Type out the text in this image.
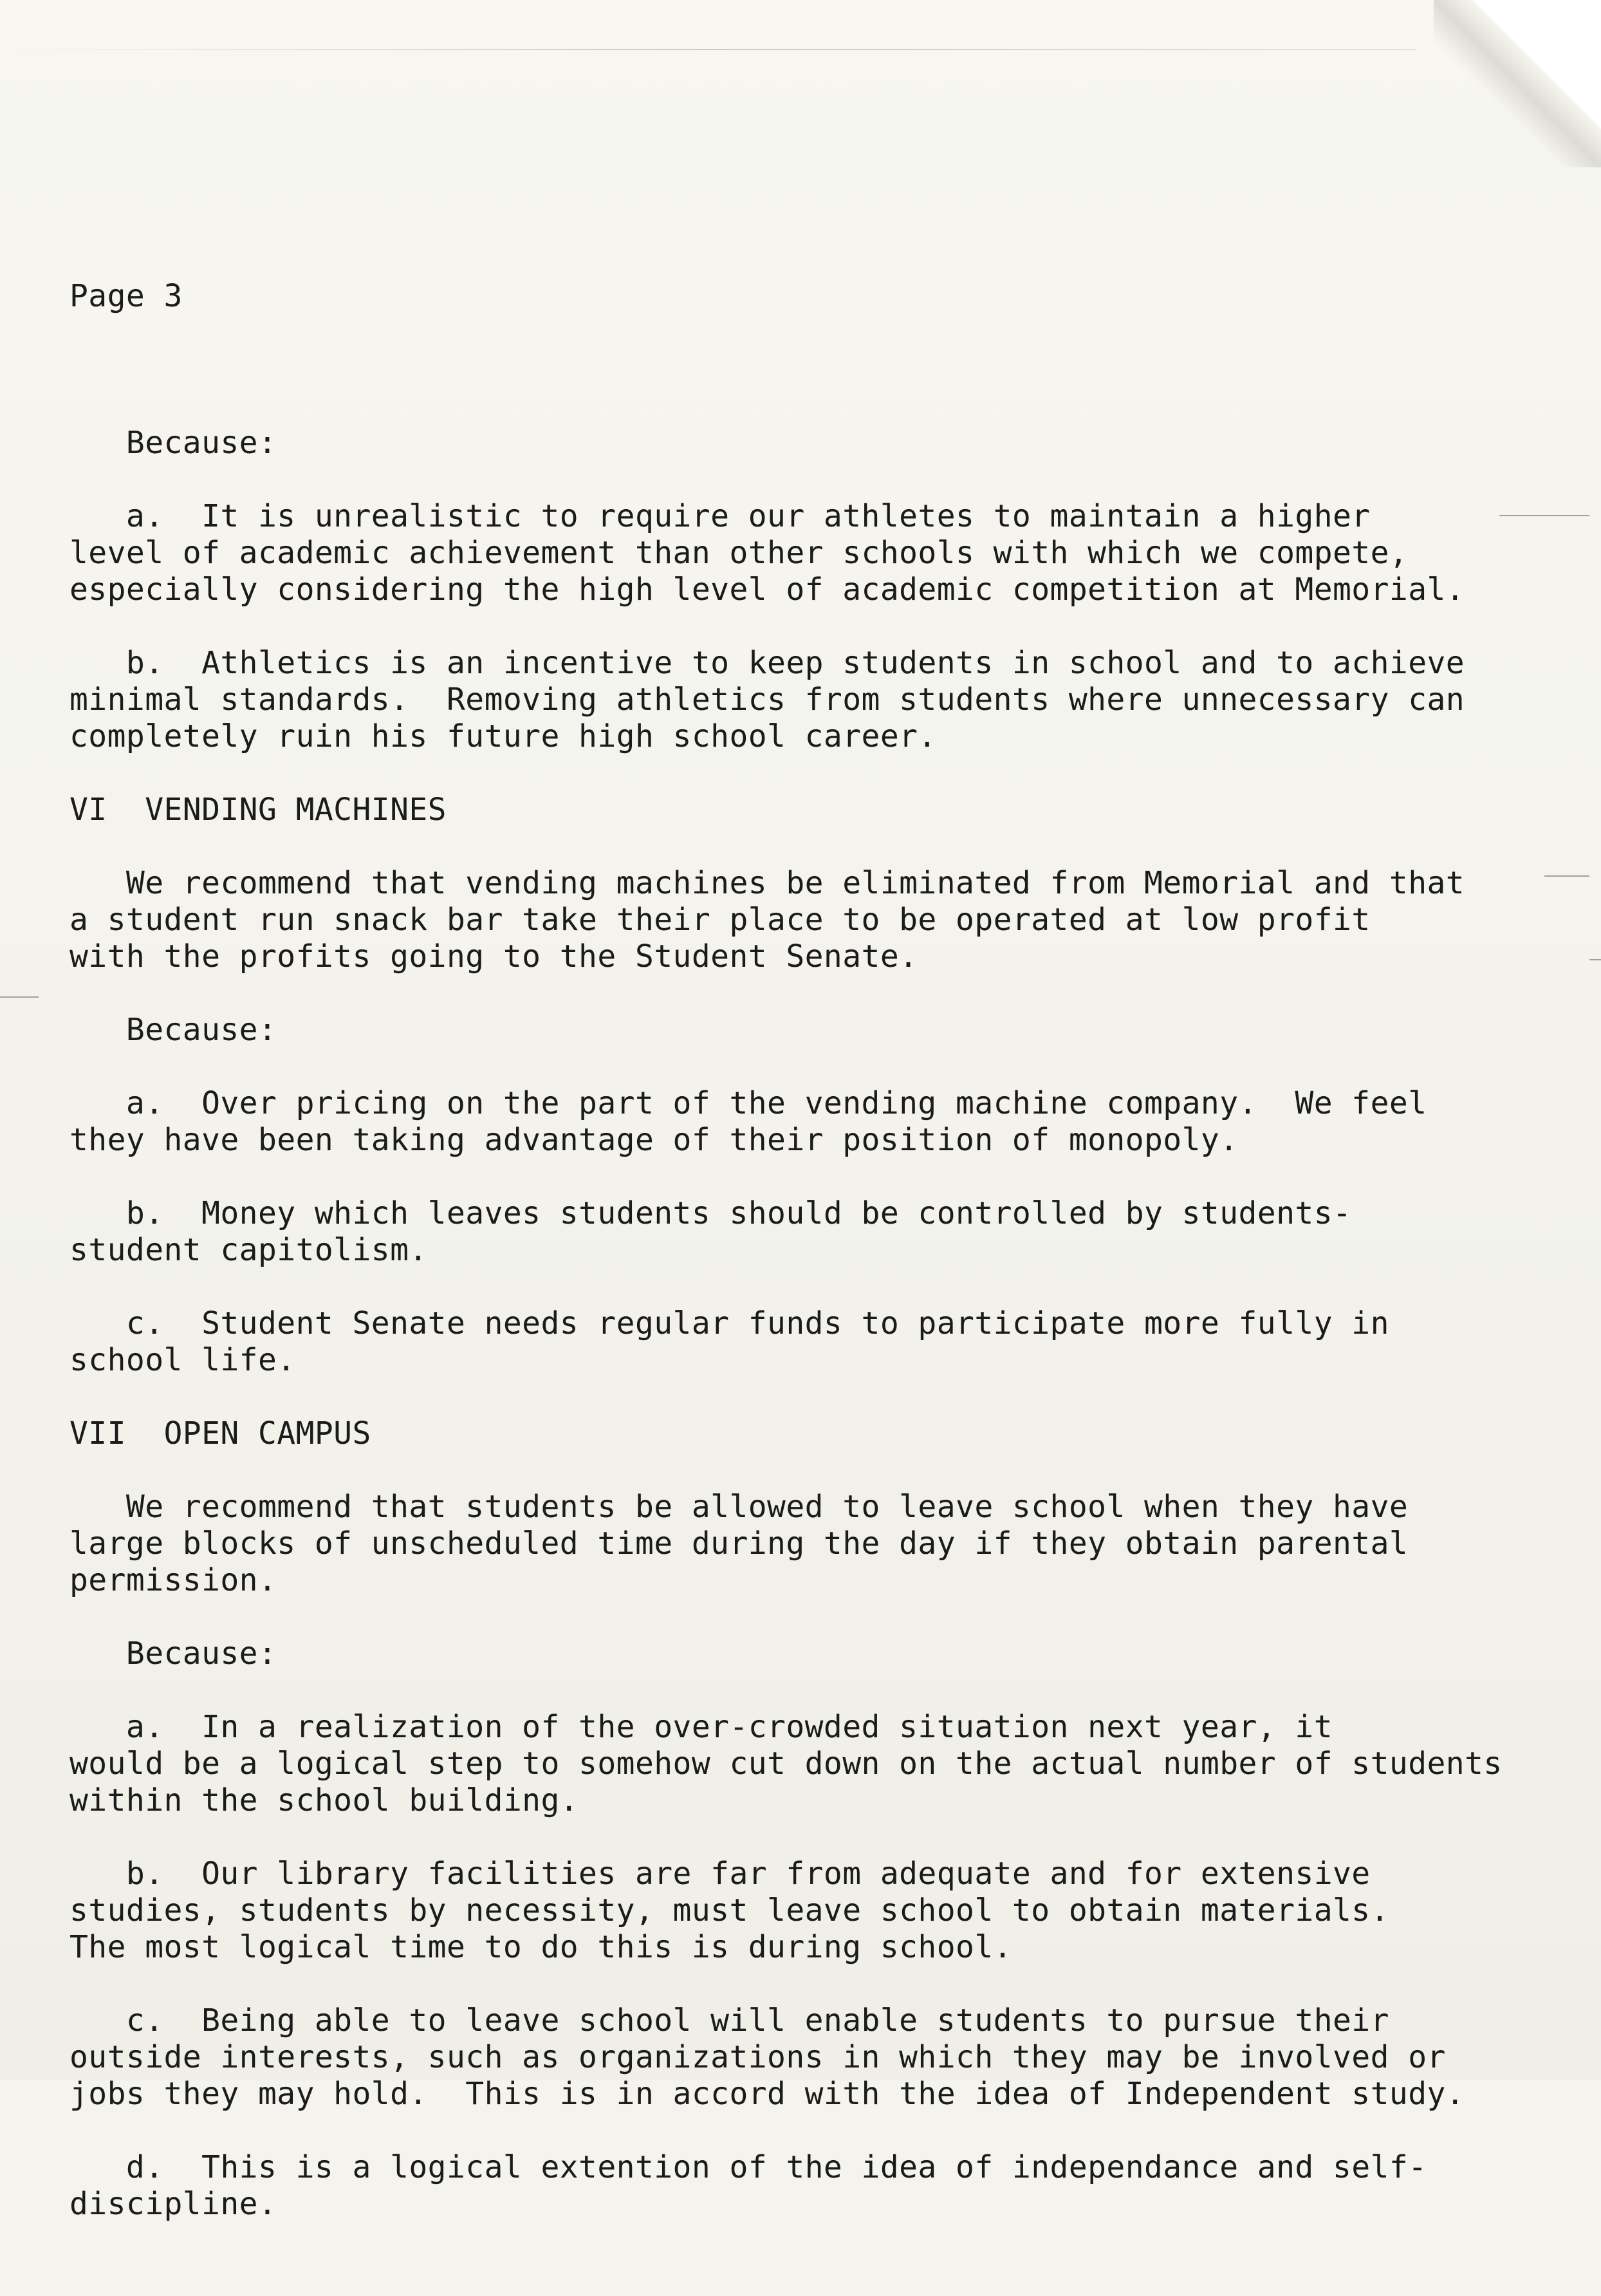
Page 3

Because:
a.  It is unrealistic to require our athletes to maintain a higher
level of academic achievement than other schools with which we compete,
especially considering the high level of academic competition at Memorial.
b.  Athletics is an incentive to keep students in school and to achieve
minimal standards.  Removing athletics from students where unnecessary can
completely ruin his future high school career.
VI  VENDING MACHINES
We recommend that vending machines be eliminated from Memorial and that
a student run snack bar take their place to be operated at low profit
with the profits going to the Student Senate.
Because:
a.  Over pricing on the part of the vending machine company.  We feel
they have been taking advantage of their position of monopoly.
b.  Money which leaves students should be controlled by students-
student capitolism.
c.  Student Senate needs regular funds to participate more fully in
school life.
VII  OPEN CAMPUS
We recommend that students be allowed to leave school when they have
large blocks of unscheduled time during the day if they obtain parental
permission.
Because:
a.  In a realization of the over-crowded situation next year, it
would be a logical step to somehow cut down on the actual number of students
within the school building.
b.  Our library facilities are far from adequate and for extensive
studies, students by necessity, must leave school to obtain materials.
The most logical time to do this is during school.
c.  Being able to leave school will enable students to pursue their
outside interests, such as organizations in which they may be involved or
jobs they may hold.  This is in accord with the idea of Independent study.
d.  This is a logical extention of the idea of independance and self-
discipline.
